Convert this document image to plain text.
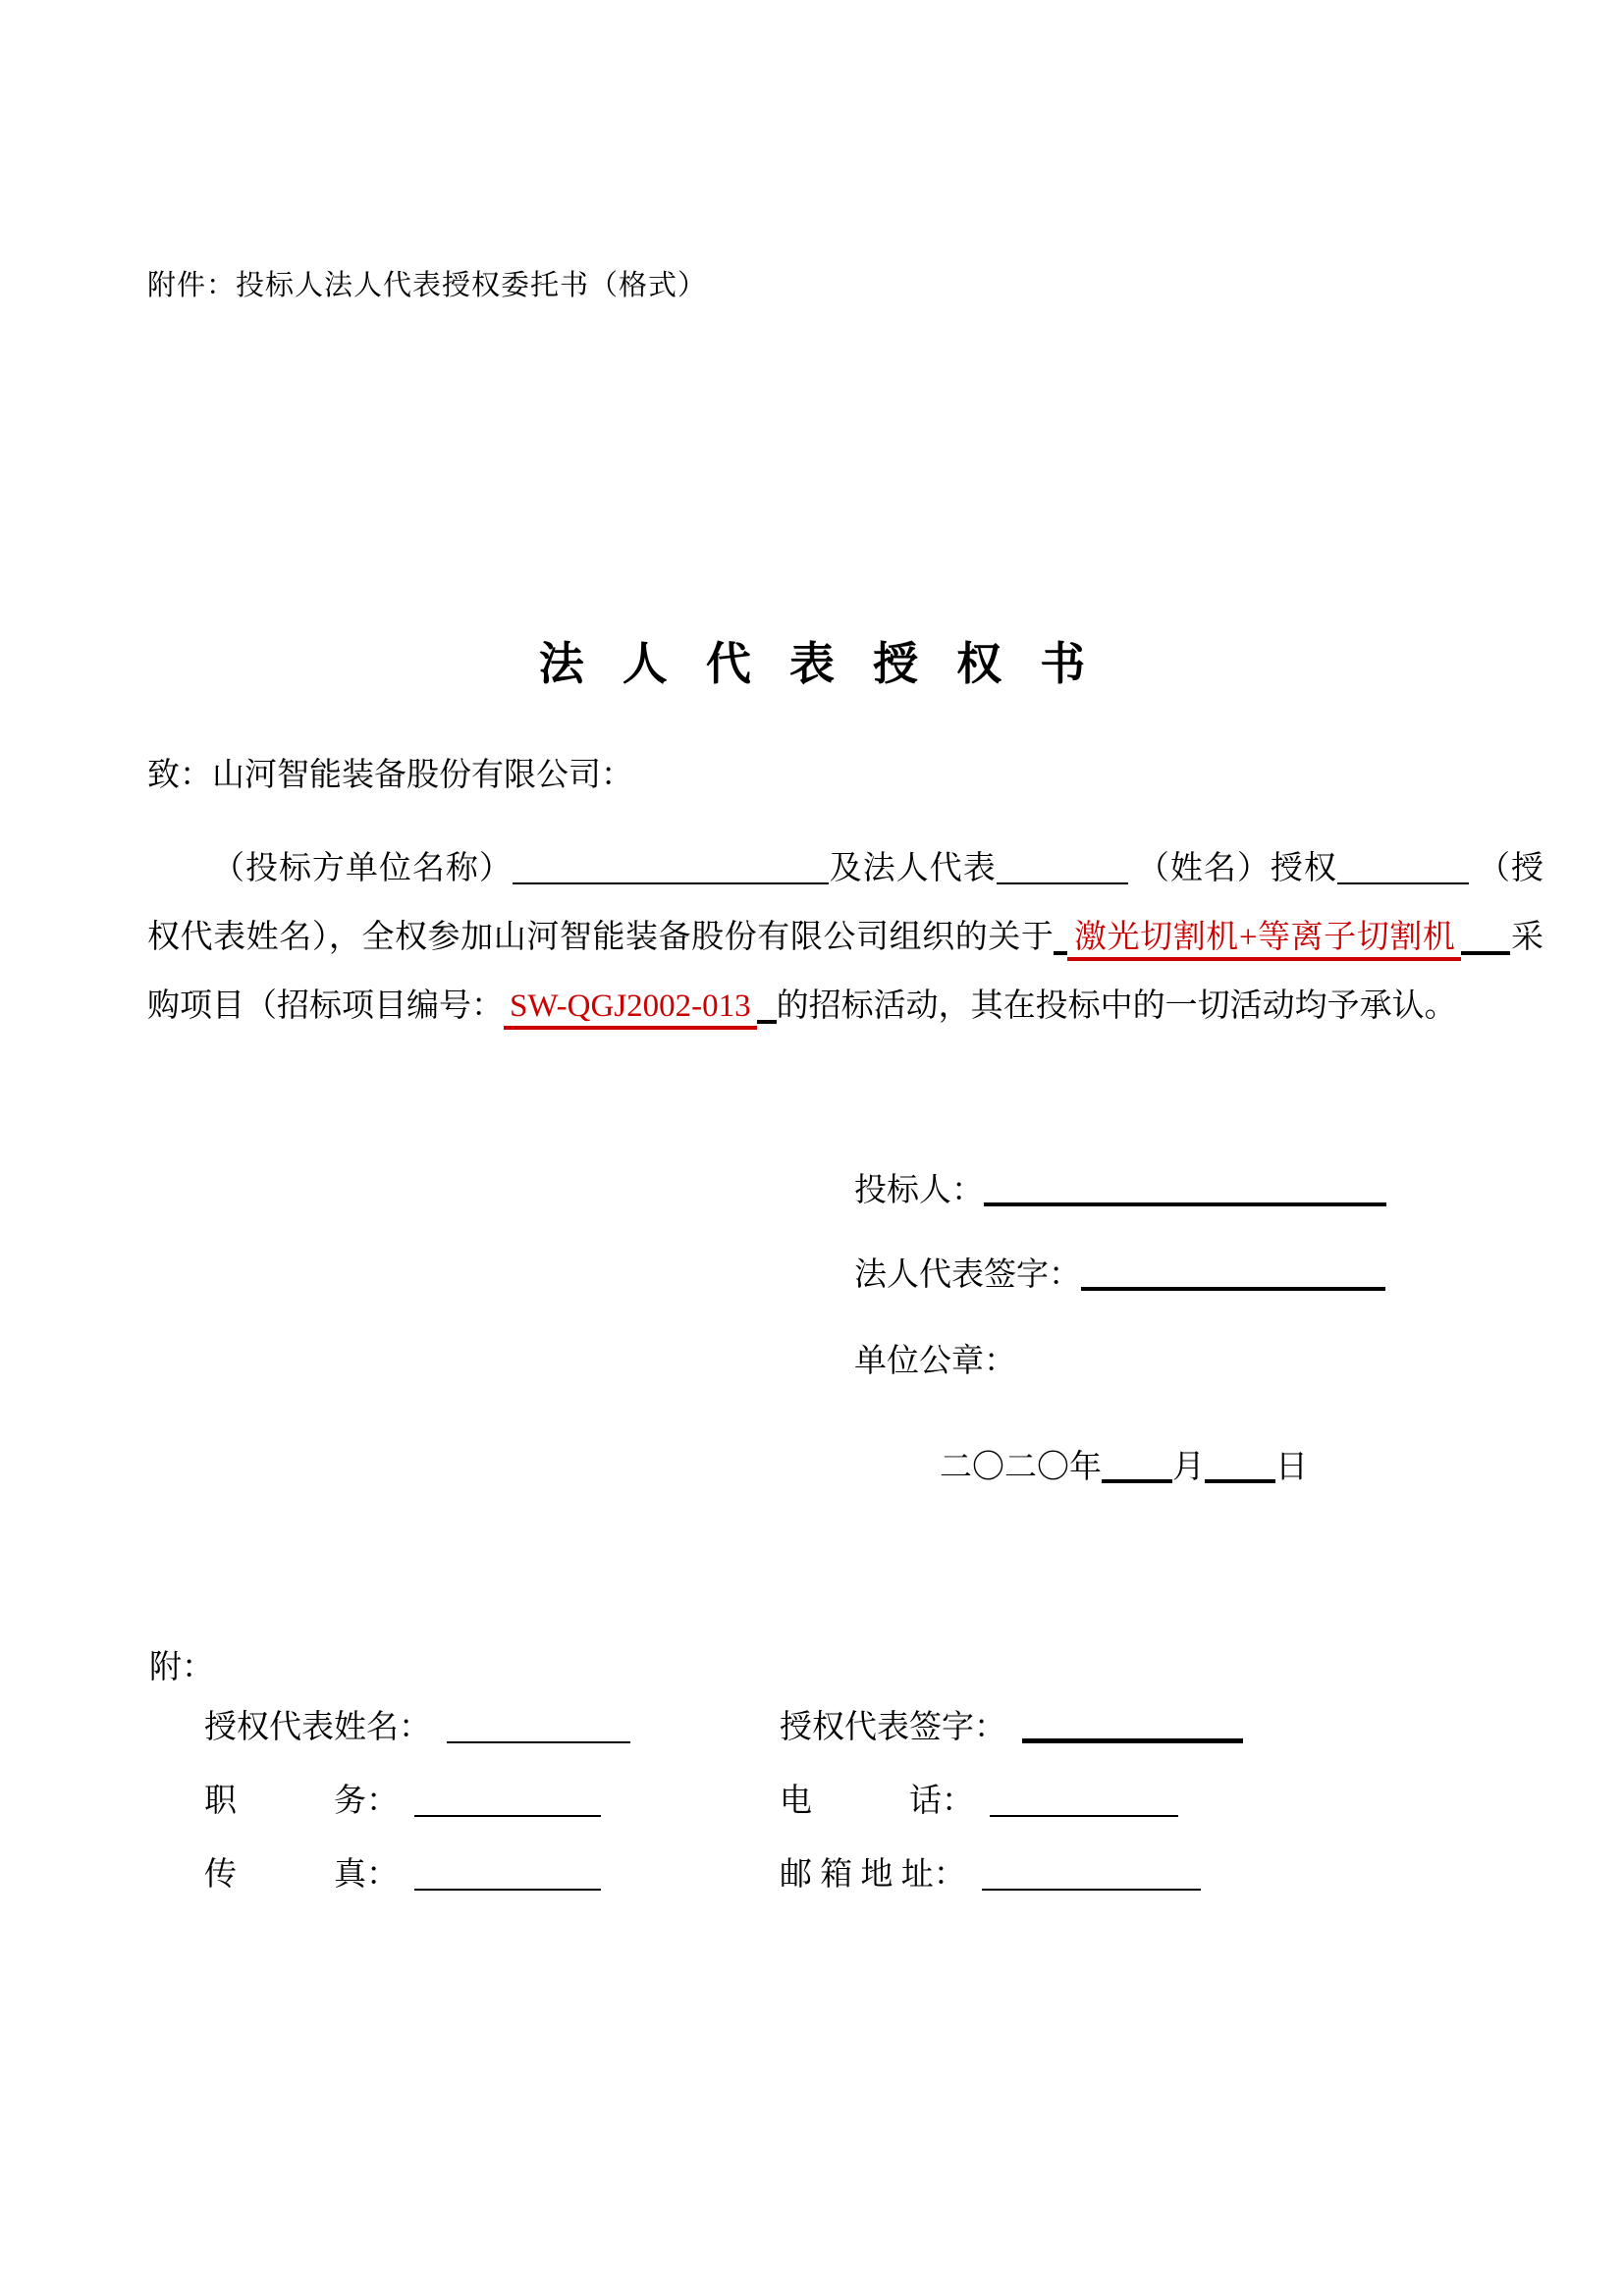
附件：投标人法人代表授权委托书（格式）
法人代表授权书
致：山河智能装备股份有限公司：
（投标方单位名称）	及法人代表	（姓名）授权	（授权代表姓名），全权参加山河智能装备股份有限公司组织的关于 激光切割机+等离子切割机 采购项目（招标项目编号： SW-QGJ2002-013 的招标活动，其在投标中的一切活动均予承认。
投标人：
法人代表签字：
单位公章：
二〇二〇年 月 日
附：
授权代表姓名：	授权代表签字：
职　　　务：	电　　　话：
传　　　真：	邮 箱 地 址：
